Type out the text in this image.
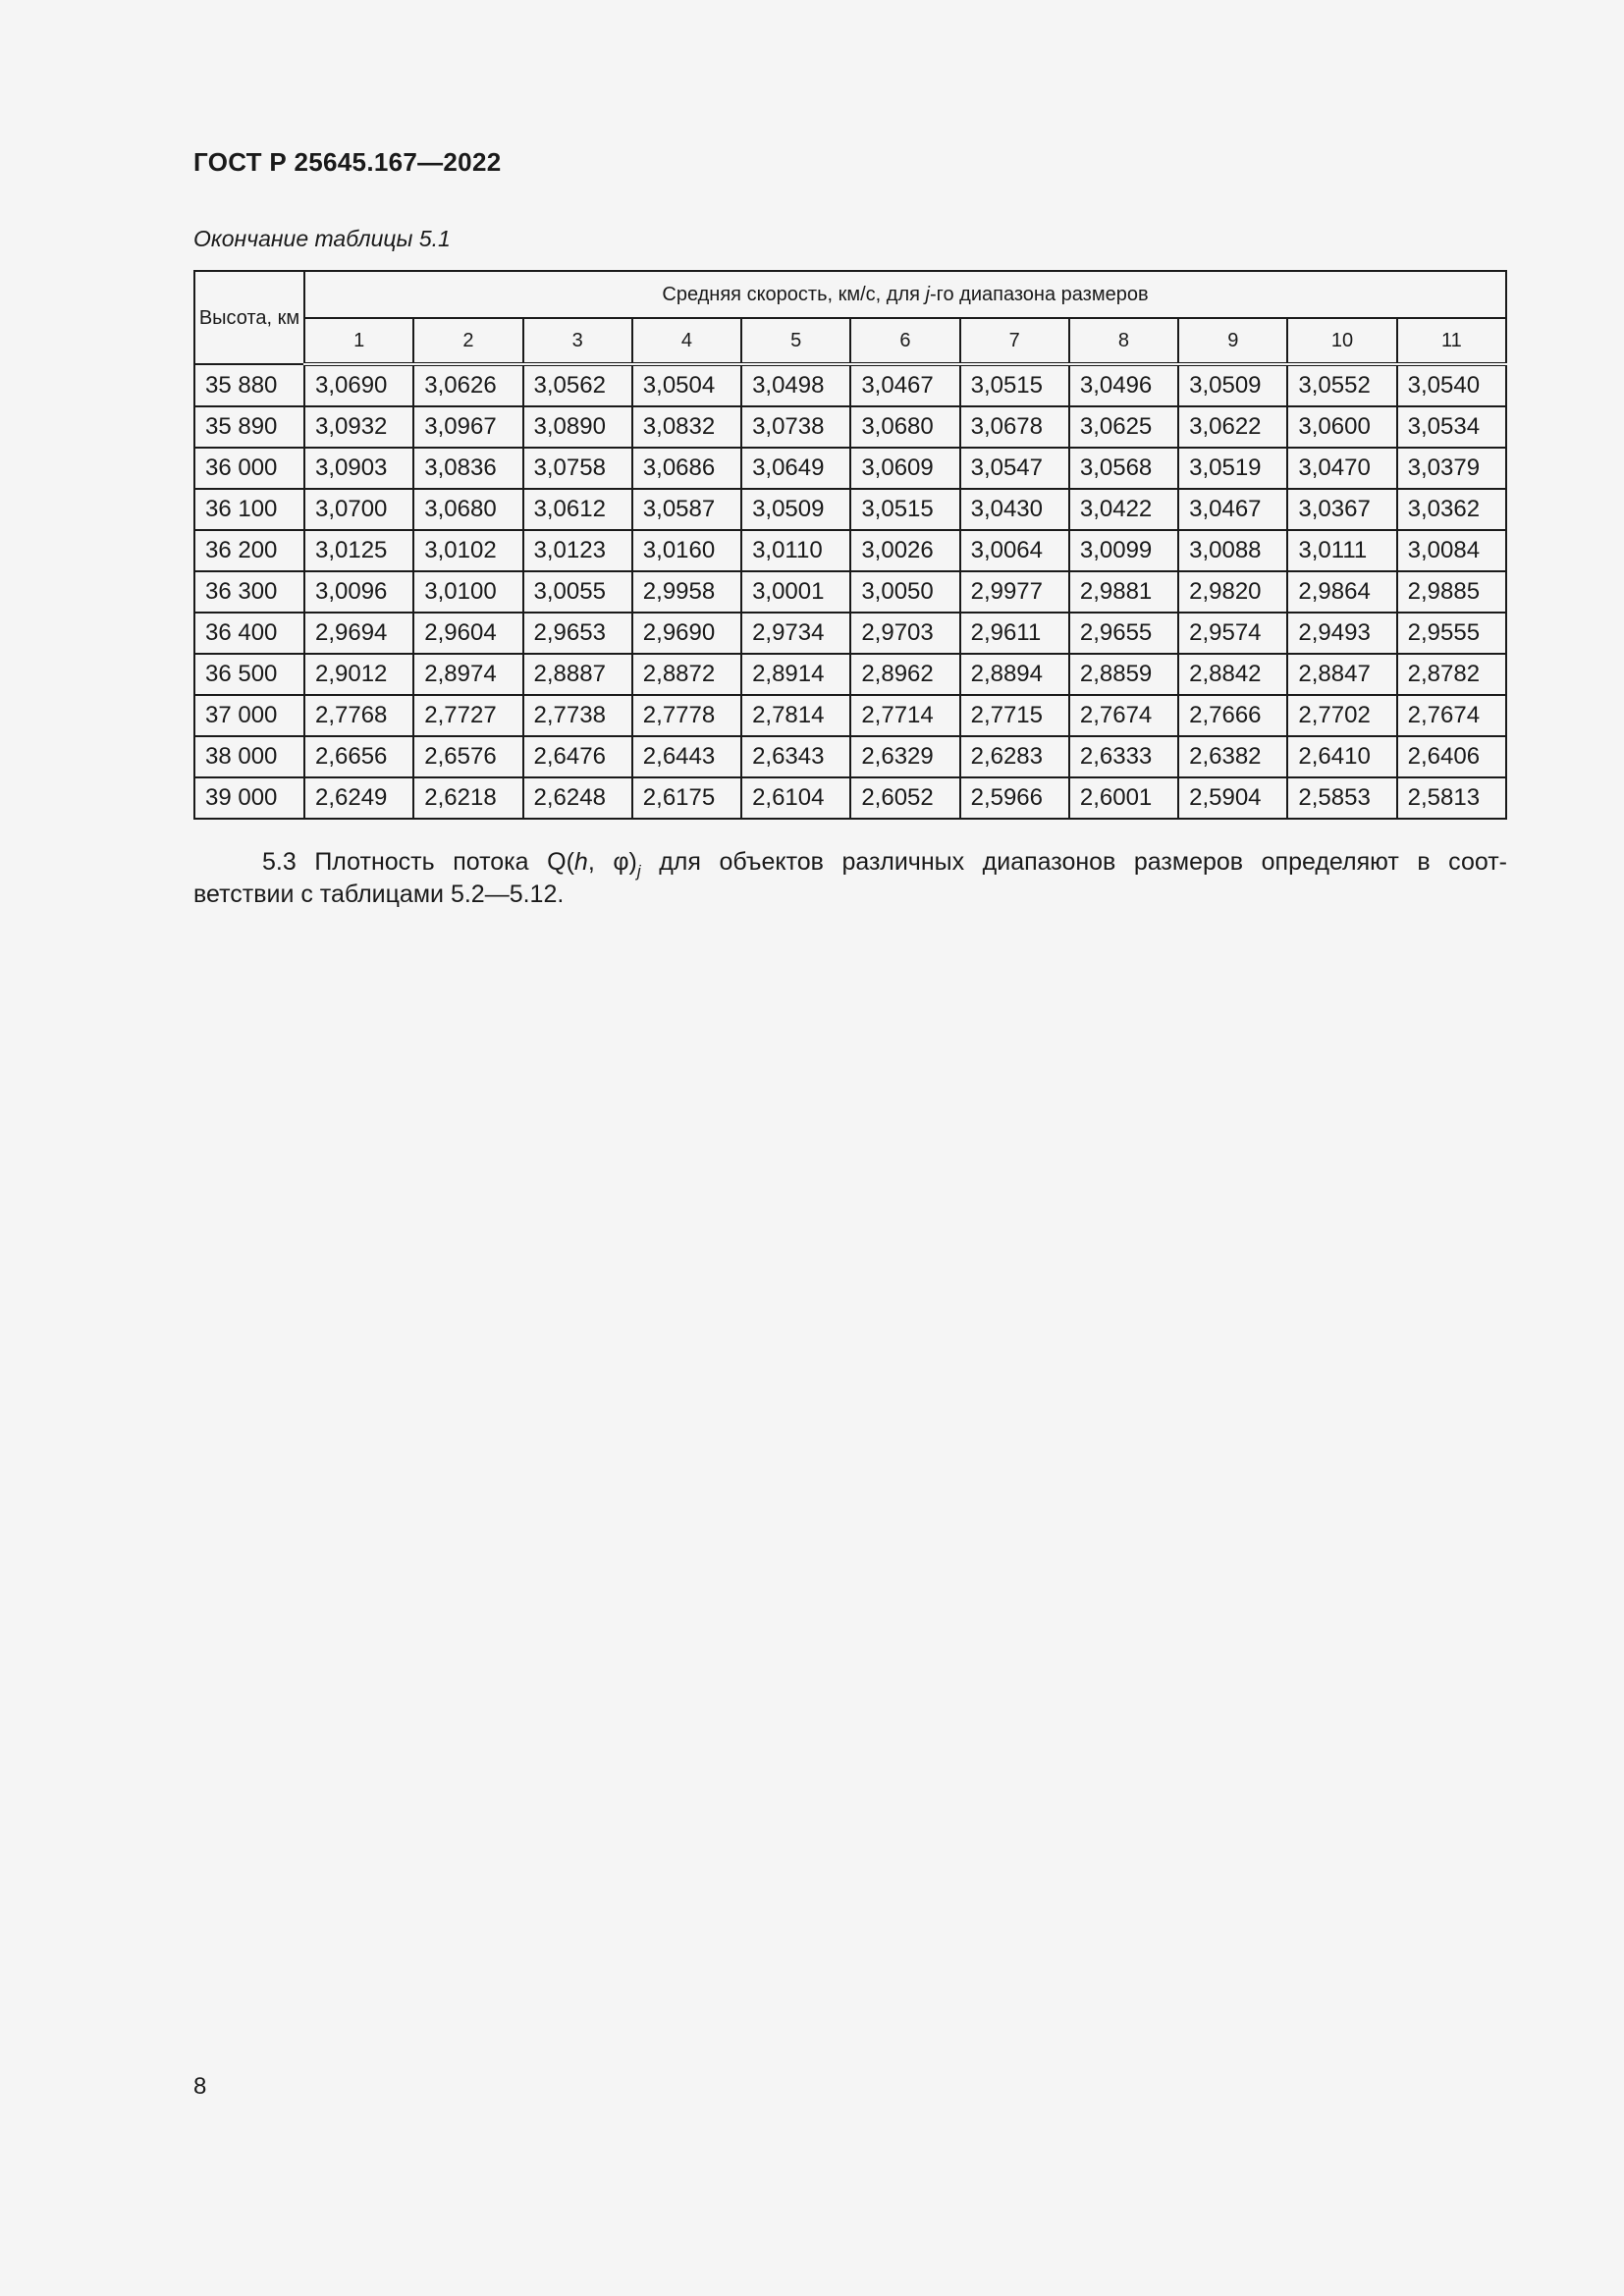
ГОСТ Р 25645.167—2022
Окончание таблицы 5.1
Высота, км	Средняя скорость, км/с, для j-го диапазона размеров										
	1	2	3	4	5	6	7	8	9	10	11
35 880	3,0690	3,0626	3,0562	3,0504	3,0498	3,0467	3,0515	3,0496	3,0509	3,0552	3,0540
35 890	3,0932	3,0967	3,0890	3,0832	3,0738	3,0680	3,0678	3,0625	3,0622	3,0600	3,0534
36 000	3,0903	3,0836	3,0758	3,0686	3,0649	3,0609	3,0547	3,0568	3,0519	3,0470	3,0379
36 100	3,0700	3,0680	3,0612	3,0587	3,0509	3,0515	3,0430	3,0422	3,0467	3,0367	3,0362
36 200	3,0125	3,0102	3,0123	3,0160	3,0110	3,0026	3,0064	3,0099	3,0088	3,0111	3,0084
36 300	3,0096	3,0100	3,0055	2,9958	3,0001	3,0050	2,9977	2,9881	2,9820	2,9864	2,9885
36 400	2,9694	2,9604	2,9653	2,9690	2,9734	2,9703	2,9611	2,9655	2,9574	2,9493	2,9555
36 500	2,9012	2,8974	2,8887	2,8872	2,8914	2,8962	2,8894	2,8859	2,8842	2,8847	2,8782
37 000	2,7768	2,7727	2,7738	2,7778	2,7814	2,7714	2,7715	2,7674	2,7666	2,7702	2,7674
38 000	2,6656	2,6576	2,6476	2,6443	2,6343	2,6329	2,6283	2,6333	2,6382	2,6410	2,6406
39 000	2,6249	2,6218	2,6248	2,6175	2,6104	2,6052	2,5966	2,6001	2,5904	2,5853	2,5813
5.3 Плотность потока Q(h, $\varphi)_j$ для объектов различных диапазонов размеров определяют в соот-
ветствии с таблицами 5.2—5.12.
8
